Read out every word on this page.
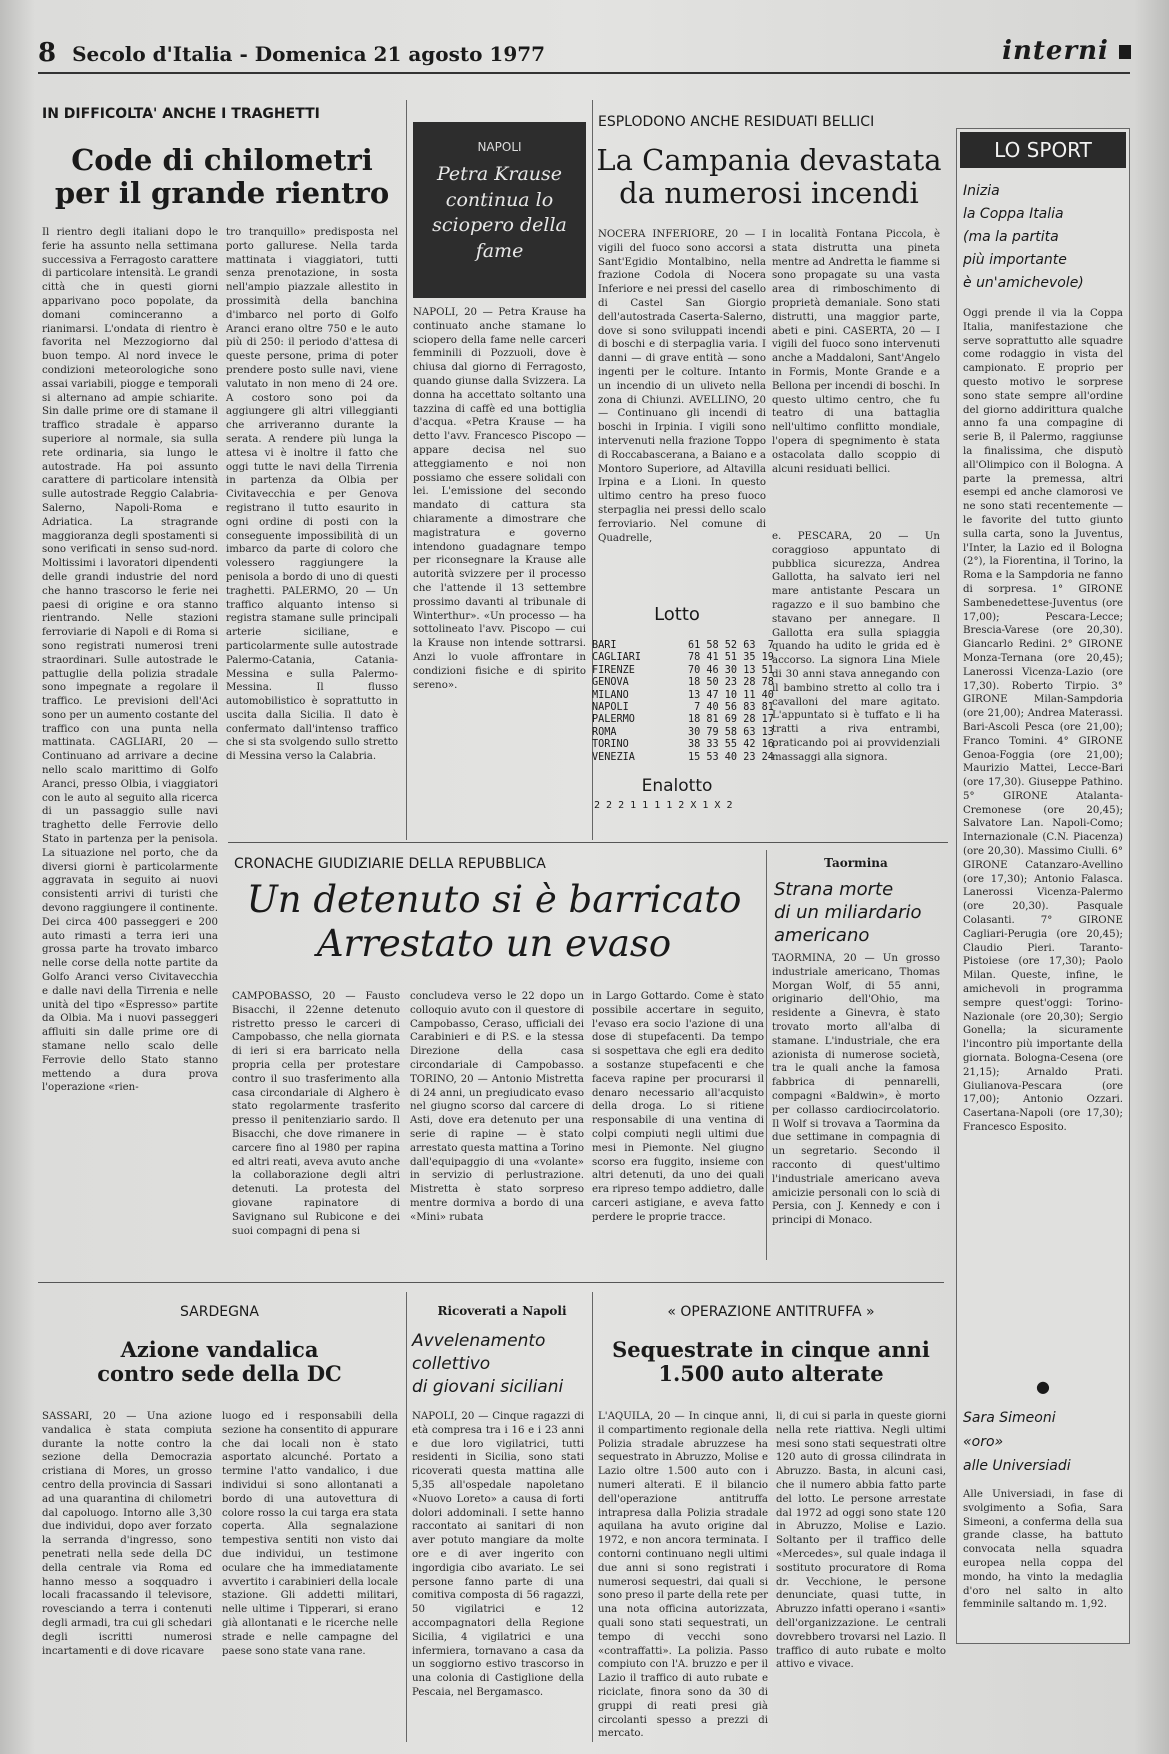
8 Secolo d'Italia - Domenica 21 agosto 1977	interni
IN DIFFICOLTA' ANCHE I TRAGHETTI
Code di chilometri
per il grande rientro
Il rientro degli italiani dopo le ferie ha assunto nella settimana successiva a Ferragosto carattere di particolare intensità. Le grandi città che in questi giorni apparivano poco popolate, da domani cominceranno a rianimarsi. L'ondata di rientro è favorita nel Mezzogiorno dal buon tempo. Al nord invece le condizioni meteorologiche sono assai variabili, piogge e temporali si alternano ad ampie schiarite. Sin dalle prime ore di stamane il traffico stradale è apparso superiore al normale, sia sulla rete ordinaria, sia lungo le autostrade. Ha poi assunto carattere di particolare intensità sulle autostrade Reggio Calabria-Salerno, Napoli-Roma e Adriatica. La stragrande maggioranza degli spostamenti si sono verificati in senso sud-nord. Moltissimi i lavoratori dipendenti delle grandi industrie del nord che hanno trascorso le ferie nei paesi di origine e ora stanno rientrando. Nelle stazioni ferroviarie di Napoli e di Roma si sono registrati numerosi treni straordinari. Sulle autostrade le pattuglie della polizia stradale sono impegnate a regolare il traffico. Le previsioni dell'Aci sono per un aumento costante del traffico con una punta nella mattinata. CAGLIARI, 20 — Continuano ad arrivare a decine nello scalo marittimo di Golfo Aranci, presso Olbia, i viaggiatori con le auto al seguito alla ricerca di un passaggio sulle navi traghetto delle Ferrovie dello Stato in partenza per la penisola. La situazione nel porto, che da diversi giorni è particolarmente aggravata in seguito ai nuovi consistenti arrivi di turisti che devono raggiungere il continente. Dei circa 400 passeggeri e 200 auto rimasti a terra ieri una grossa parte ha trovato imbarco nelle corse della notte partite da Golfo Aranci verso Civitavecchia e dalle navi della Tirrenia e nelle unità del tipo «Espresso» partite da Olbia. Ma i nuovi passeggeri affluiti sin dalle prime ore di stamane nello scalo delle Ferrovie dello Stato stanno mettendo a dura prova l'operazione «rien-
tro tranquillo» predisposta nel porto gallurese. Nella tarda mattinata i viaggiatori, tutti senza prenotazione, in sosta nell'ampio piazzale allestito in prossimità della banchina d'imbarco nel porto di Golfo Aranci erano oltre 750 e le auto più di 250: il periodo d'attesa di queste persone, prima di poter prendere posto sulle navi, viene valutato in non meno di 24 ore. A costoro sono poi da aggiungere gli altri villeggianti che arriveranno durante la serata. A rendere più lunga la attesa vi è inoltre il fatto che oggi tutte le navi della Tirrenia in partenza da Olbia per Civitavecchia e per Genova registrano il tutto esaurito in ogni ordine di posti con la conseguente impossibilità di un imbarco da parte di coloro che volessero raggiungere la penisola a bordo di uno di questi traghetti. PALERMO, 20 — Un traffico alquanto intenso si registra stamane sulle principali arterie siciliane, e particolarmente sulle autostrade Palermo-Catania, Catania-Messina e sulla Palermo-Messina. Il flusso automobilistico è soprattutto in uscita dalla Sicilia. Il dato è confermato dall'intenso traffico che si sta svolgendo sullo stretto di Messina verso la Calabria.
NAPOLI
Petra Krause continua lo sciopero della fame
NAPOLI, 20 — Petra Krause ha continuato anche stamane lo sciopero della fame nelle carceri femminili di Pozzuoli, dove è chiusa dal giorno di Ferragosto, quando giunse dalla Svizzera. La donna ha accettato soltanto una tazzina di caffè ed una bottiglia d'acqua. «Petra Krause — ha detto l'avv. Francesco Piscopo — appare decisa nel suo atteggiamento e noi non possiamo che essere solidali con lei. L'emissione del secondo mandato di cattura sta chiaramente a dimostrare che magistratura e governo intendono guadagnare tempo per riconsegnare la Krause alle autorità svizzere per il processo che l'attende il 13 settembre prossimo davanti al tribunale di Winterthur». «Un processo — ha sottolineato l'avv. Piscopo — cui la Krause non intende sottrarsi. Anzi lo vuole affrontare in condizioni fisiche e di spirito sereno».
ESPLODONO ANCHE RESIDUATI BELLICI
La Campania devastata
da numerosi incendi
NOCERA INFERIORE, 20 — I vigili del fuoco sono accorsi a Sant'Egidio Montalbino, nella frazione Codola di Nocera Inferiore e nei pressi del casello di Castel San Giorgio dell'autostrada Caserta-Salerno, dove si sono sviluppati incendi di boschi e di sterpaglia varia. I danni — di grave entità — sono ingenti per le colture. Intanto un incendio di un uliveto nella zona di Chiunzi. AVELLINO, 20 — Continuano gli incendi di boschi in Irpinia. I vigili sono intervenuti nella frazione Toppo di Roccabascerana, a Baiano e a Montoro Superiore, ad Altavilla Irpina e a Lioni. In questo ultimo centro ha preso fuoco sterpaglia nei pressi dello scalo ferroviario. Nel comune di Quadrelle,
in località Fontana Piccola, è stata distrutta una pineta mentre ad Andretta le fiamme si sono propagate su una vasta area di rimboschimento di proprietà demaniale. Sono stati distrutti, una maggior parte, abeti e pini. CASERTA, 20 — I vigili del fuoco sono intervenuti anche a Maddaloni, Sant'Angelo in Formis, Monte Grande e a Bellona per incendi di boschi. In questo ultimo centro, che fu teatro di una battaglia nell'ultimo conflitto mondiale, l'opera di spegnimento è stata ostacolata dallo scoppio di alcuni residuati bellici.
Lotto
BARI	61 58 52 63  7
CAGLIARI	78 41 51 35 19
FIRENZE	70 46 30 13 51
GENOVA	18 50 23 28 78
MILANO	13 47 10 11 40
NAPOLI	7 40 56 83 81
PALERMO	18 81 69 28 17
ROMA	30 79 58 63 13
TORINO	38 33 55 42 16
VENEZIA	15 53 40 23 24
Enalotto
2 2 2 1 1 1 1 2 X 1 X 2
e. PESCARA, 20 — Un coraggioso appuntato di pubblica sicurezza, Andrea Gallotta, ha salvato ieri nel mare antistante Pescara un ragazzo e il suo bambino che stavano per annegare. Il Gallotta era sulla spiaggia quando ha udito le grida ed è accorso. La signora Lina Miele di 30 anni stava annegando con il bambino stretto al collo tra i cavalloni del mare agitato. L'appuntato si è tuffato e li ha tratti a riva entrambi, praticando poi ai provvidenziali massaggi alla signora.
LO SPORT
Inizia
la Coppa Italia
(ma la partita
più importante
è un'amichevole)
Oggi prende il via la Coppa Italia, manifestazione che serve soprattutto alle squadre come rodaggio in vista del campionato. E proprio per questo motivo le sorprese sono state sempre all'ordine del giorno addirittura qualche anno fa una compagine di serie B, il Palermo, raggiunse la finalissima, che disputò all'Olimpico con il Bologna. A parte la premessa, altri esempi ed anche clamorosi ve ne sono stati recentemente — le favorite del tutto giunto sulla carta, sono la Juventus, l'Inter, la Lazio ed il Bologna (2°), la Fiorentina, il Torino, la Roma e la Sampdoria ne fanno di sorpresa. 1° GIRONE Sambenedettese-Juventus (ore 17,00); Pescara-Lecce; Brescia-Varese (ore 20,30). Giancarlo Redini. 2° GIRONE Monza-Ternana (ore 20,45); Lanerossi Vicenza-Lazio (ore 17,30). Roberto Tirpio. 3° GIRONE Milan-Sampdoria (ore 21,00); Andrea Materassi. Bari-Ascoli Pesca (ore 21,00); Franco Tomini. 4° GIRONE Genoa-Foggia (ore 21,00); Maurizio Mattei, Lecce-Bari (ore 17,30). Giuseppe Pathino. 5° GIRONE Atalanta-Cremonese (ore 20,45); Salvatore Lan. Napoli-Como; Internazionale (C.N. Piacenza) (ore 20,30). Massimo Ciulli. 6° GIRONE Catanzaro-Avellino (ore 17,30); Antonio Falasca. Lanerossi Vicenza-Palermo (ore 20,30). Pasquale Colasanti. 7° GIRONE Cagliari-Perugia (ore 20,45); Claudio Pieri. Taranto-Pistoiese (ore 17,30); Paolo Milan. Queste, infine, le amichevoli in programma sempre quest'oggi: Torino-Nazionale (ore 20,30); Sergio Gonella; la sicuramente l'incontro più importante della giornata. Bologna-Cesena (ore 21,15); Arnaldo Prati. Giulianova-Pescara (ore 17,00); Antonio Ozzari. Casertana-Napoli (ore 17,30); Francesco Esposito.
●
Sara Simeoni
«oro»
alle Universiadi
Alle Universiadi, in fase di svolgimento a Sofia, Sara Simeoni, a conferma della sua grande classe, ha battuto convocata nella squadra europea nella coppa del mondo, ha vinto la medaglia d'oro nel salto in alto femminile saltando m. 1,92.
CRONACHE GIUDIZIARIE DELLA REPUBBLICA
Un detenuto si è barricato
Arrestato un evaso
CAMPOBASSO, 20 — Fausto Bisacchi, il 22enne detenuto ristretto presso le carceri di Campobasso, che nella giornata di ieri si era barricato nella propria cella per protestare contro il suo trasferimento alla casa circondariale di Alghero è stato regolarmente trasferito presso il penitenziario sardo. Il Bisacchi, che dove rimanere in carcere fino al 1980 per rapina ed altri reati, aveva avuto anche la collaborazione degli altri detenuti. La protesta del giovane rapinatore di Savignano sul Rubicone e dei suoi compagni di pena si
concludeva verso le 22 dopo un colloquio avuto con il questore di Campobasso, Ceraso, ufficiali dei Carabinieri e di P.S. e la stessa Direzione della casa circondariale di Campobasso. TORINO, 20 — Antonio Mistretta di 24 anni, un pregiudicato evaso nel giugno scorso dal carcere di Asti, dove era detenuto per una serie di rapine — è stato arrestato questa mattina a Torino dall'equipaggio di una «volante» in servizio di perlustrazione. Mistretta è stato sorpreso mentre dormiva a bordo di una «Mini» rubata
in Largo Gottardo. Come è stato possibile accertare in seguito, l'evaso era socio l'azione di una dose di stupefacenti. Da tempo si sospettava che egli era dedito a sostanze stupefacenti e che faceva rapine per procurarsi il denaro necessario all'acquisto della droga. Lo si ritiene responsabile di una ventina di colpi compiuti negli ultimi due mesi in Piemonte. Nel giugno scorso era fuggito, insieme con altri detenuti, da uno dei quali era ripreso tempo addietro, dalle carceri astigiane, e aveva fatto perdere le proprie tracce.
Taormina
Strana morte
di un miliardario
americano
TAORMINA, 20 — Un grosso industriale americano, Thomas Morgan Wolf, di 55 anni, originario dell'Ohio, ma residente a Ginevra, è stato trovato morto all'alba di stamane. L'industriale, che era azionista di numerose società, tra le quali anche la famosa fabbrica di pennarelli, compagni «Baldwin», è morto per collasso cardiocircolatorio. Il Wolf si trovava a Taormina da due settimane in compagnia di un segretario. Secondo il racconto di quest'ultimo l'industriale americano aveva amicizie personali con lo scià di Persia, con J. Kennedy e con i principi di Monaco.
SARDEGNA
Azione vandalica
contro sede della DC
SASSARI, 20 — Una azione vandalica è stata compiuta durante la notte contro la sezione della Democrazia cristiana di Mores, un grosso centro della provincia di Sassari ad una quarantina di chilometri dal capoluogo. Intorno alle 3,30 due individui, dopo aver forzato la serranda d'ingresso, sono penetrati nella sede della DC della centrale via Roma ed hanno messo a soqquadro i locali fracassando il televisore, rovesciando a terra i contenuti degli armadi, tra cui gli schedari degli iscritti numerosi incartamenti e di dove ricavare
luogo ed i responsabili della sezione ha consentito di appurare che dai locali non è stato asportato alcunché. Portato a termine l'atto vandalico, i due individui si sono allontanati a bordo di una autovettura di colore rosso la cui targa era stata coperta. Alla segnalazione tempestiva sentiti non visto dai due individui, un testimone oculare che ha immediatamente avvertito i carabinieri della locale stazione. Gli addetti militari, nelle ultime i Tipperari, si erano già allontanati e le ricerche nelle strade e nelle campagne del paese sono state vana rane.
Ricoverati a Napoli
Avvelenamento
collettivo
di giovani siciliani
NAPOLI, 20 — Cinque ragazzi di età compresa tra i 16 e i 23 anni e due loro vigilatrici, tutti residenti in Sicilia, sono stati ricoverati questa mattina alle 5,35 all'ospedale napoletano «Nuovo Loreto» a causa di forti dolori addominali. I sette hanno raccontato ai sanitari di non aver potuto mangiare da molte ore e di aver ingerito con ingordigia cibo avariato. Le sei persone fanno parte di una comitiva composta di 56 ragazzi, 50 vigilatrici e 12 accompagnatori della Regione Sicilia, 4 vigilatrici e una infermiera, tornavano a casa da un soggiorno estivo trascorso in una colonia di Castiglione della Pescaia, nel Bergamasco.
« OPERAZIONE ANTITRUFFA »
Sequestrate in cinque anni
1.500 auto alterate
L'AQUILA, 20 — In cinque anni, il compartimento regionale della Polizia stradale abruzzese ha sequestrato in Abruzzo, Molise e Lazio oltre 1.500 auto con i numeri alterati. E il bilancio dell'operazione antitruffa intrapresa dalla Polizia stradale aquilana ha avuto origine dal 1972, e non ancora terminata. I contorni continuano negli ultimi due anni si sono registrati i numerosi sequestri, dai quali si sono preso il parte della rete per una nota officina autorizzata, quali sono stati sequestrati, un tempo di vecchi sono «contraffatti». La polizia. Passo compiuto con l'A. bruzzo e per il Lazio il traffico di auto rubate e riciclate, finora sono da 30 di gruppi di reati presi già circolanti spesso a prezzi di mercato.
li, di cui si parla in queste giorni nella rete riattiva. Negli ultimi mesi sono stati sequestrati oltre 120 auto di grossa cilindrata in Abruzzo. Basta, in alcuni casi, che il numero abbia fatto parte del lotto. Le persone arrestate dal 1972 ad oggi sono state 120 in Abruzzo, Molise e Lazio. Soltanto per il traffico delle «Mercedes», sul quale indaga il sostituto procuratore di Roma dr. Vecchione, le persone denunciate, quasi tutte, in Abruzzo infatti operano i «santi» dell'organizzazione. Le centrali dovrebbero trovarsi nel Lazio. Il traffico di auto rubate e molto attivo e vivace.
